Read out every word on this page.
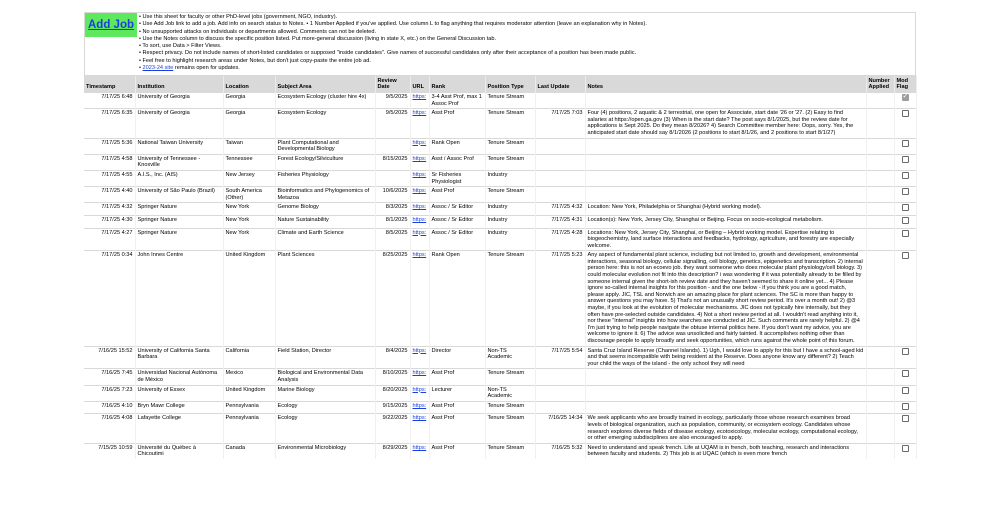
Add Job
• Use this sheet for faculty or other PhD-level jobs (government, NGO, industry).
• Use Add Job link to add a job. Add info on search status to Notes. • 1 Number Applied if you've applied. Use column L to flag anything that requires moderator attention (leave an explanation why in Notes).
• No unsupported attacks on individuals or departments allowed. Comments can not be deleted.
• Use the Notes column to discuss the specific position listed. Put more-general discussion (living in state X, etc.) on the General Discussion tab.
• To sort, use Data > Filter Views.
• Respect privacy. Do not include names of short-listed candidates or supposed "inside candidates". Give names of successful candidates only after their acceptance of a position has been made public.
• Feel free to highlight research areas under Notes, but don't just copy-paste the entire job ad.
• 2023-24 site remains open for updates.
Timestamp	Institution	Location	Subject Area	Review Date	URL	Rank	Position Type	Last Update	Notes	Number Applied	Mod Flag
7/17/25 6:48	University of Georgia	Georgia	Ecosystem Ecology (cluster hire 4x)	9/5/2025	https:	3-4 Asst Prof, max 1 Assoc Prof	Tenure Stream				✓
7/17/25 6:35	University of Georgia	Georgia	Ecosystem Ecology	9/5/2025	https:	Asst Prof	Tenure Stream	7/17/25 7:03	Four (4) positions, 2 aquatic & 2 terrestrial, one open for Associate, start date '26 or '27. (2) Easy to find salaries at https://open.ga.gov (3) When is the start date? The post says 8/1/2025, but the review date for applications is Sept 2025. Do they mean 8/2026? 4) Search Committee member here: Oops, sorry. Yes, the anticipated start date should say 8/1/2026 (2 positions to start 8/1/26, and 2 positions to start 8/1/27)		
7/17/25 5:36	National Taiwan University	Taiwan	Plant Computational and Developmental Biology		https:	Rank Open	Tenure Stream				
7/17/25 4:58	University of Tennessee - Knoxville	Tennessee	Forest Ecology/Silviculture	8/15/2025	https:	Asst / Assoc Prof	Tenure Stream				
7/17/25 4:55	A.I.S., Inc. (AIS)	New Jersey	Fisheries Physiology		https:	Sr Fisheries Physiologist	Industry				
7/17/25 4:40	University of São Paulo (Brazil)	South America (Other)	Bioinformatics and Phylogenomics of Metazoa	10/6/2025	https:	Asst Prof	Tenure Stream				
7/17/25 4:32	Springer Nature	New York	Genome Biology	8/3/2025	https:	Assoc / Sr Editor	Industry	7/17/25 4:32	Location: New York, Philadelphia or Shanghai (Hybrid working model).		
7/17/25 4:30	Springer Nature	New York	Nature Sustainability	8/1/2025	https:	Assoc / Sr Editor	Industry	7/17/25 4:31	Location(s): New York, Jersey City, Shanghai or Beijing. Focus on socio-ecological metabolism.		
7/17/25 4:27	Springer Nature	New York	Climate and Earth Science	8/5/2025	https:	Assoc / Sr Editor	Industry	7/17/25 4:28	Locations: New York, Jersey City, Shanghai, or Beijing – Hybrid working model. Expertise relating to biogeochemistry, land surface interactions and feedbacks, hydrology, agriculture, and forestry are especially welcome.		
7/17/25 0:34	John Innes Centre	United Kingdom	Plant Sciences	8/25/2025	https:	Rank Open	Tenure Stream	7/17/25 5:23	Any aspect of fundamental plant science, including but not limited to, growth and development, environmental interactions, seasonal biology, cellular signalling, cell biology, genetics, epigenetics and transcription. 2) internal person here: this is not an ecoevo job. they want someone who does molecular plant physiology/cell biology. 3) could molecular evolution not fit into this description? i was wondering if it was potentially already to be filled by someone internal given the short-ish review date and they haven't seemed to share it online yet... 4) Please ignore so-called internal insights for this position - and the one below - if you think you are a good match, please apply. JIC, TSL and Norwich are an amazing place for plant sciences. The SC is more than happy to answer questions you may have. 5) That's not an unusually short review period. It's over a month out! 2) @3 maybe, if you look at the evolution of molecular mechanisms. JIC does not typically hire internally, but they often have pre-selected outside candidates. 4) Not a short review period at all. I wouldn't read anything into it, nor these "internal" insights into how searches are conducted at JIC. Such comments are rarely helpful. 2) @4 I'm just trying to help people navigate the obtuse internal politics here. If you don't want my advice, you are welcome to ignore it. 6) The advice was unsolicited and fairly tainted. It accomplishes nothing other than discourage people to apply broadly and seek opportunities, which runs against the whole point of this forum.		
7/16/25 15:52	University of California Santa Barbara	California	Field Station, Director	8/4/2025	https:	Director	Non-TS Academic	7/17/25 5:54	Santa Cruz Island Reserve (Channel Islands). 1) Ugh, I would love to apply for this but I have a school-aged kid and that seems incompatible with being resident at the Reserve. Does anyone know any different? 2) Teach your child the ways of the island - the only school they will need		
7/16/25 7:45	Universidad Nacional Autónoma de México	Mexico	Biological and Environmental Data Analysis	8/10/2025	https:	Asst Prof	Tenure Stream				
7/16/25 7:23	University of Essex	United Kingdom	Marine Biology	8/20/2025	https:	Lecturer	Non-TS Academic				
7/16/25 4:10	Bryn Mawr College	Pennsylvania	Ecology	9/15/2025	https:	Asst Prof	Tenure Stream				
7/16/25 4:08	Lafayette College	Pennsylvania	Ecology	9/22/2025	https:	Asst Prof	Tenure Stream	7/16/25 14:34	We seek applicants who are broadly trained in ecology, particularly those whose research examines broad levels of biological organization, such as population, community, or ecosystem ecology. Candidates whose research explores diverse fields of disease ecology, ecotoxicology, molecular ecology, computational ecology, or other emerging subdisciplines are also encouraged to apply.		
7/15/25 10:59	Université du Québec à Chicoutimi	Canada	Environmental Microbiology	8/29/2025	https:	Asst Prof	Tenure Stream	7/16/25 5:32	Need to understand and speak french. Life at UQAM is in french, both teaching, research and interactions between faculty and students. 2) This job is at UQAC (which is even more french		
